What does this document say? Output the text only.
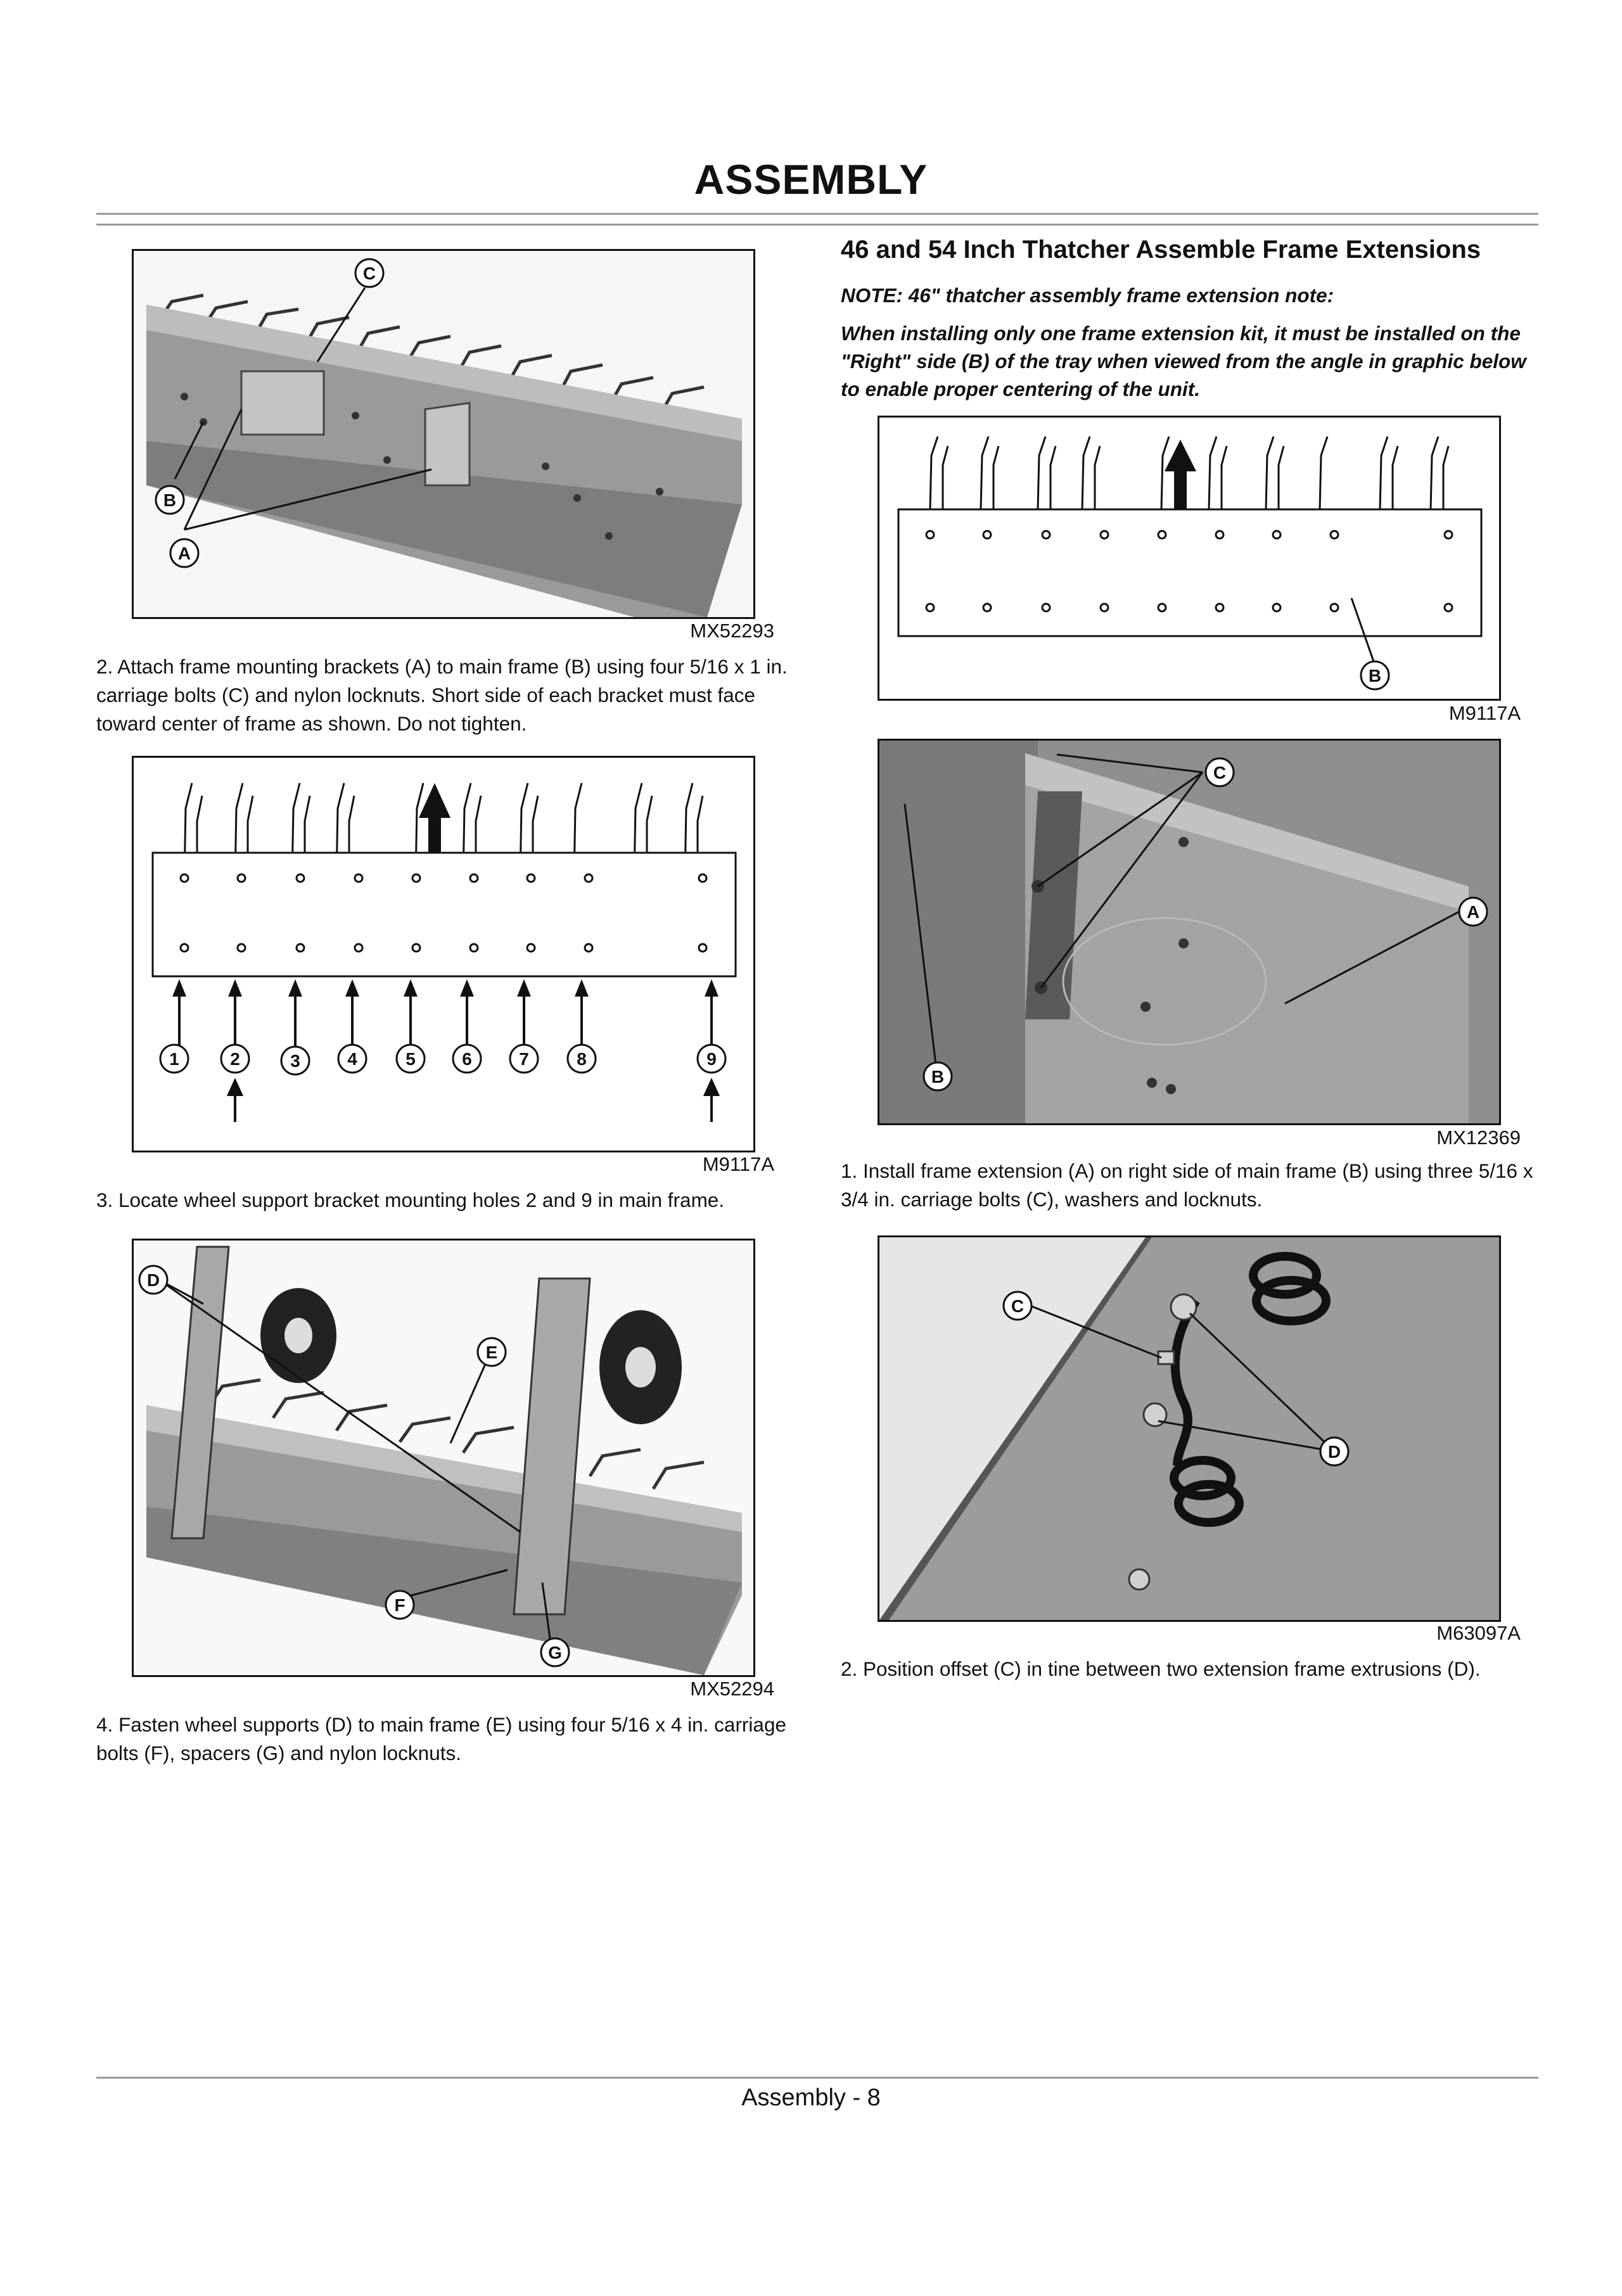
ASSEMBLY
C
B
A
MX52293
2. Attach frame mounting brackets (A) to main frame (B) using four 5/16 x 1 in. carriage bolts (C) and nylon locknuts. Short side of each bracket must face toward center of frame as shown. Do not tighten.
1	2	3	4	5	6	7	8	9
M9117A
3. Locate wheel support bracket mounting holes 2 and 9 in main frame.
D
E
F
G
MX52294
4. Fasten wheel supports (D) to main frame (E) using four 5/16 x 4 in. carriage bolts (F), spacers (G) and nylon locknuts.
46 and 54 Inch Thatcher Assemble Frame Extensions
NOTE: 46" thatcher assembly frame extension note:
When installing only one frame extension kit, it must be installed on the "Right" side (B) of the tray when viewed from the angle in graphic below to enable proper centering of the unit.
B
M9117A
C
A
B
MX12369
1. Install frame extension (A) on right side of main frame (B) using three 5/16 x 3/4 in. carriage bolts (C), washers and locknuts.
C
D
M63097A
2. Position offset (C) in tine between two extension frame extrusions (D).
Assembly - 8
